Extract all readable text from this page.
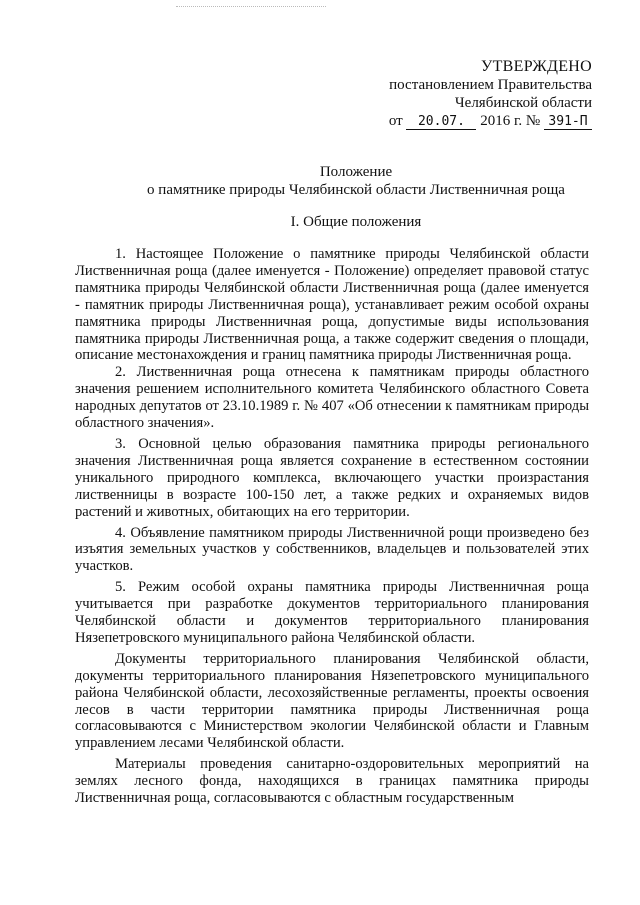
УТВЕРЖДЕНО
постановлением Правительства
Челябинской области
от 20.07. 2016 г. № 391-П
Положение
о памятнике природы Челябинской области Лиственничная роща
I. Общие положения

1. Настоящее Положение о памятнике природы Челябинской области Лиственничная роща (далее именуется - Положение) определяет правовой статус памятника природы Челябинской области Лиственничная роща (далее именуется - памятник природы Лиственничная роща), устанавливает режим особой охраны памятника природы Лиственничная роща, допустимые виды использования памятника природы Лиственничная роща, а также содержит сведения о площади, описание местонахождения и границ памятника природы Лиственничная роща.

2. Лиственничная роща отнесена к памятникам природы областного значения решением исполнительного комитета Челябинского областного Совета народных депутатов от 23.10.1989 г. № 407 «Об отнесении к памятникам природы областного значения».

3. Основной целью образования памятника природы регионального значения Лиственничная роща является сохранение в естественном состоянии уникального природного комплекса, включающего участки произрастания лиственницы в возрасте 100-150 лет, а также редких и охраняемых видов растений и животных, обитающих на его территории.

4. Объявление памятником природы Лиственничной рощи произведено без изъятия земельных участков у собственников, владельцев и пользователей этих участков.

5. Режим особой охраны памятника природы Лиственничная роща учитывается при разработке документов территориального планирования Челябинской области и документов территориального планирования Нязепетровского муниципального района Челябинской области.

Документы территориального планирования Челябинской области, документы территориального планирования Нязепетровского муниципального района Челябинской области, лесохозяйственные регламенты, проекты освоения лесов в части территории памятника природы Лиственничная роща согласовываются с Министерством экологии Челябинской области и Главным управлением лесами Челябинской области.

Материалы проведения санитарно-оздоровительных мероприятий на землях лесного фонда, находящихся в границах памятника природы Лиственничная роща, согласовываются с областным государственным
